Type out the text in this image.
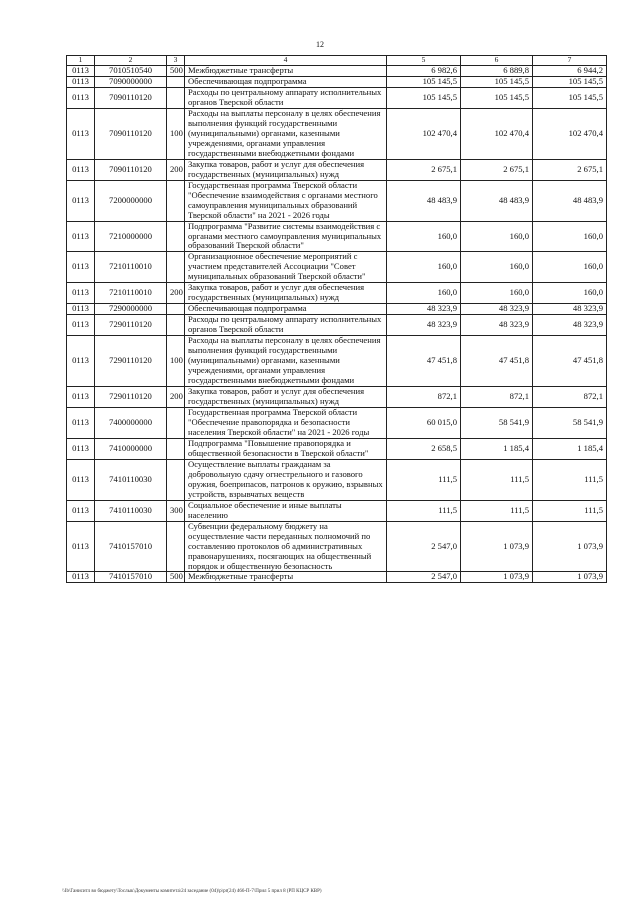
12
1	2	3	4	5	6	7
0113	7010510540	500	Межбюджетные трансферты	6 982,6	6 889,8	6 944,2
0113	7090000000		Обеспечивающая подпрограмма	105 145,5	105 145,5	105 145,5
0113	7090110120		Расходы по центральному аппарату исполнительных органов Тверской области	105 145,5	105 145,5	105 145,5
0113	7090110120	100	Расходы на выплаты персоналу в целях обеспечения выполнения функций государственными (муниципальными) органами, казенными учреждениями, органами управления государственными внебюджетными фондами	102 470,4	102 470,4	102 470,4
0113	7090110120	200	Закупка товаров, работ и услуг для обеспечения государственных (муниципальных) нужд	2 675,1	2 675,1	2 675,1
0113	7200000000		Государственная программа Тверской области "Обеспечение взаимодействия с органами местного самоуправления муниципальных образований Тверской области" на 2021 - 2026 годы	48 483,9	48 483,9	48 483,9
0113	7210000000		Подпрограмма "Развитие системы взаимодействия с органами местного самоуправления муниципальных образований Тверской области"	160,0	160,0	160,0
0113	7210110010		Организационное обеспечение мероприятий с участием представителей Ассоциации "Совет муниципальных образований Тверской области"	160,0	160,0	160,0
0113	7210110010	200	Закупка товаров, работ и услуг для обеспечения государственных (муниципальных) нужд	160,0	160,0	160,0
0113	7290000000		Обеспечивающая подпрограмма	48 323,9	48 323,9	48 323,9
0113	7290110120		Расходы по центральному аппарату исполнительных органов Тверской области	48 323,9	48 323,9	48 323,9
0113	7290110120	100	Расходы на выплаты персоналу в целях обеспечения выполнения функций государственными (муниципальными) органами, казенными учреждениями, органами управления государственными внебюджетными фондами	47 451,8	47 451,8	47 451,8
0113	7290110120	200	Закупка товаров, работ и услуг для обеспечения государственных (муниципальных) нужд	872,1	872,1	872,1
0113	7400000000		Государственная программа Тверской области "Обеспечение правопорядка и безопасности населения Тверской области" на 2021 - 2026 годы	60 015,0	58 541,9	58 541,9
0113	7410000000		Подпрограмма "Повышение правопорядка и общественной безопасности в Тверской области"	2 658,5	1 185,4	1 185,4
0113	7410110030		Осуществление выплаты гражданам за добровольную сдачу огнестрельного и газового оружия, боеприпасов, патронов к оружию, взрывных устройств, взрывчатых веществ	111,5	111,5	111,5
0113	7410110030	300	Социальное обеспечение и иные выплаты населению	111,5	111,5	111,5
0113	7410157010		Субвенции федеральному бюджету на осуществление части переданных полномочий по составлению протоколов об административных правонарушениях, посягающих на общественный порядок и общественную безопасность	2 547,0	1 073,9	1 073,9
0113	7410157010	500	Межбюджетные трансферты	2 547,0	1 073,9	1 073,9
\\Ib\Ганиситл во бюджету\Тослык\Документы комитета\24 заседание (04)\р\pr(24) 466-П-7\Прил 5 прил 8 (РП КЦСР КВР)
